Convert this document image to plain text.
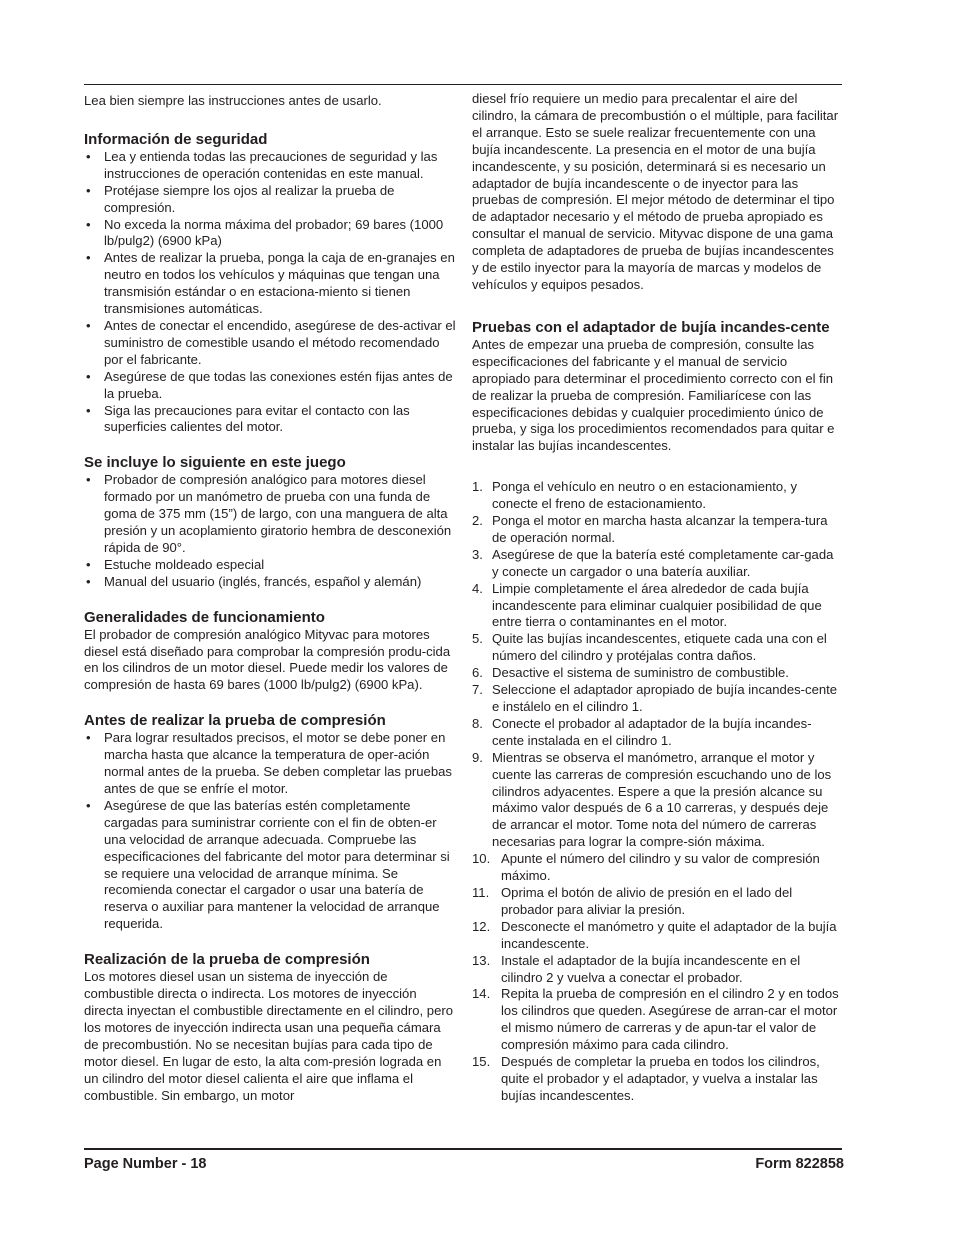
Lea bien siempre las instrucciones antes de usarlo.

Información de seguridad
• Lea y entienda todas las precauciones de seguridad y las instrucciones de operación contenidas en este manual.
• Protéjase siempre los ojos al realizar la prueba de compresión.
• No exceda la norma máxima del probador; 69 bares (1000 lb/pulg2) (6900 kPa)
• Antes de realizar la prueba, ponga la caja de en-granajes en neutro en todos los vehículos y máquinas que tengan una transmisión estándar o en estaciona-miento si tienen transmisiones automáticas.
• Antes de conectar el encendido, asegúrese de des-activar el suministro de comestible usando el método recomendado por el fabricante.
• Asegúrese de que todas las conexiones estén fijas antes de la prueba.
• Siga las precauciones para evitar el contacto con las superficies calientes del motor.
Se incluye lo siguiente en este juego
• Probador de compresión analógico para motores diesel formado por un manómetro de prueba con una funda de goma de 375 mm (15”) de largo, con una manguera de alta presión y un acoplamiento giratorio hembra de desconexión rápida de 90°.
• Estuche moldeado especial
• Manual del usuario (inglés, francés, español y alemán)
Generalidades de funcionamiento

El probador de compresión analógico Mityvac para motores diesel está diseñado para comprobar la compresión produ-cida en los cilindros de un motor diesel. Puede medir los valores de compresión de hasta 69 bares (1000 lb/pulg2) (6900 kPa).

Antes de realizar la prueba de compresión
• Para lograr resultados precisos, el motor se debe poner en marcha hasta que alcance la temperatura de oper-ación normal antes de la prueba. Se deben completar las pruebas antes de que se enfríe el motor.
• Asegúrese de que las baterías estén completamente cargadas para suministrar corriente con el fin de obten-er una velocidad de arranque adecuada. Compruebe las especificaciones del fabricante del motor para determinar si se requiere una velocidad de arranque mínima. Se recomienda conectar el cargador o usar una batería de reserva o auxiliar para mantener la velocidad de arranque requerida.
Realización de la prueba de compresión

Los motores diesel usan un sistema de inyección de combustible directa o indirecta. Los motores de inyección directa inyectan el combustible directamente en el cilindro, pero los motores de inyección indirecta usan una pequeña cámara de precombustión. No se necesitan bujías para cada tipo de motor diesel. En lugar de esto, la alta com-presión lograda en un cilindro del motor diesel calienta el aire que inflama el combustible. Sin embargo, un motor

diesel frío requiere un medio para precalentar el aire del cilindro, la cámara de precombustión o el múltiple, para facilitar el arranque. Esto se suele realizar frecuentemente con una bujía incandescente. La presencia en el motor de una bujía incandescente, y su posición, determinará si es necesario un adaptador de bujía incandescente o de inyector para las pruebas de compresión. El mejor método de determinar el tipo de adaptador necesario y el método de prueba apropiado es consultar el manual de servicio. Mityvac dispone de una gama completa de adaptadores de prueba de bujías incandescentes y de estilo inyector para la mayoría de marcas y modelos de vehículos y equipos pesados.

Pruebas con el adaptador de bujía incandes-cente

Antes de empezar una prueba de compresión, consulte las especificaciones del fabricante y el manual de servicio apropiado para determinar el procedimiento correcto con el fin de realizar la prueba de compresión. Familiarícese con las especificaciones debidas y cualquier procedimiento único de prueba, y siga los procedimientos recomendados para quitar e instalar las bujías incandescentes.

1. Ponga el vehículo en neutro o en estacionamiento, y conecte el freno de estacionamiento.
2. Ponga el motor en marcha hasta alcanzar la tempera-tura de operación normal.
3. Asegúrese de que la batería esté completamente car-gada y conecte un cargador o una batería auxiliar.
4. Limpie completamente el área alrededor de cada bujía incandescente para eliminar cualquier posibilidad de que entre tierra o contaminantes en el motor.
5. Quite las bujías incandescentes, etiquete cada una con el número del cilindro y protéjalas contra daños.
6. Desactive el sistema de suministro de combustible.
7. Seleccione el adaptador apropiado de bujía incandes-cente e instálelo en el cilindro 1.
8. Conecte el probador al adaptador de la bujía incandes-cente instalada en el cilindro 1.
9. Mientras se observa el manómetro, arranque el motor y cuente las carreras de compresión escuchando uno de los cilindros adyacentes. Espere a que la presión alcance su máximo valor después de 6 a 10 carreras, y después deje de arrancar el motor. Tome nota del número de carreras necesarias para lograr la compre-sión máxima.
10. Apunte el número del cilindro y su valor de compresión máximo.
11. Oprima el botón de alivio de presión en el lado del probador para aliviar la presión.
12. Desconecte el manómetro y quite el adaptador de la bujía incandescente.
13. Instale el adaptador de la bujía incandescente en el cilindro 2 y vuelva a conectar el probador.
14. Repita la prueba de compresión en el cilindro 2 y en todos los cilindros que queden. Asegúrese de arran-car el motor el mismo número de carreras y de apun-tar el valor de compresión máximo para cada cilindro.
15. Después de completar la prueba en todos los cilindros, quite el probador y el adaptador, y vuelva a instalar las bujías incandescentes.
Page Number - 18	Form 822858
